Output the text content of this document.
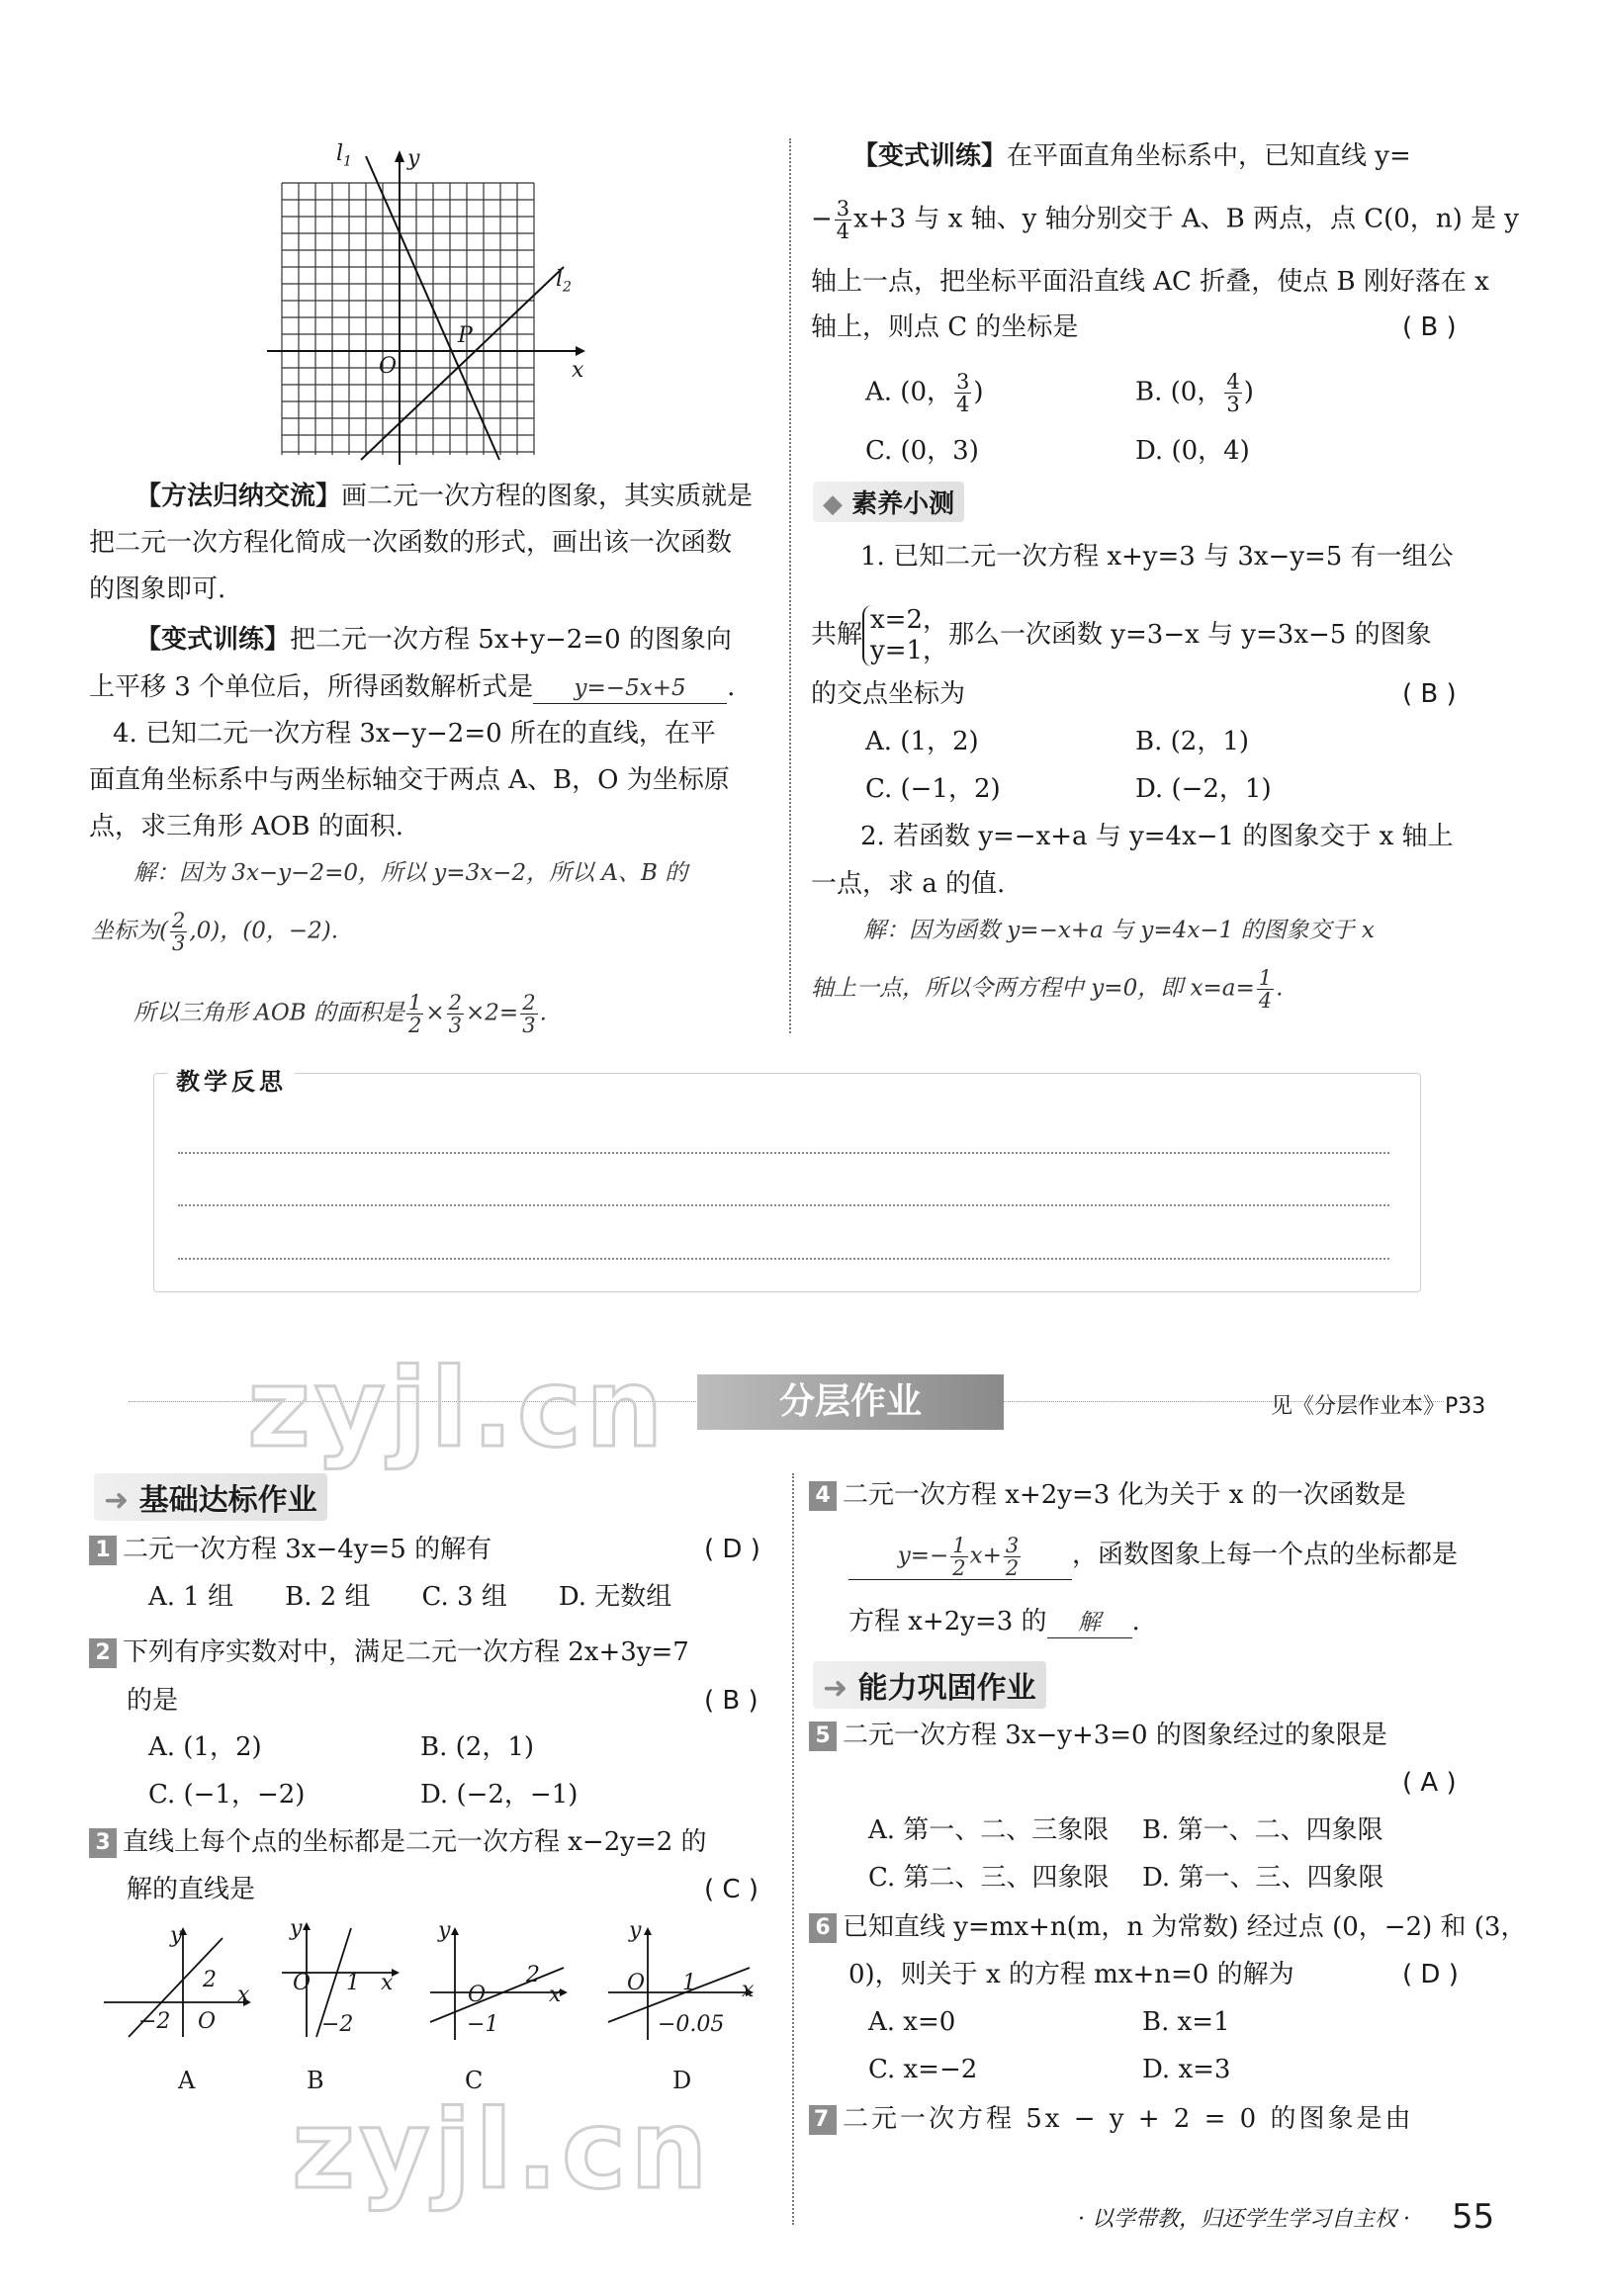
$l_1$	y
$l_2$
P
O	x
【方法归纳交流】画二元一次方程的图象，其实质就是
把二元一次方程化简成一次函数的形式，画出该一次函数
的图象即可.
【变式训练】把二元一次方程 5x+y−2=0 的图象向
上平移 3 个单位后，所得函数解析式是 y=−5x+5 .
4. 已知二元一次方程 3x−y−2=0 所在的直线，在平
面直角坐标系中与两坐标轴交于两点 A、B，O 为坐标原
点，求三角形 AOB 的面积.
解：因为 3x−y−2=0，所以 y=3x−2，所以 A、B 的
坐标为( $\frac{2}{3} ,0$)，(0，−2).
所以三角形 AOB 的面积是 $\frac{1}{2} \times \frac{2}{3} \times 2= \frac{2}{3}$ .
【变式训练】在平面直角坐标系中，已知直线 y=
− $\frac{3}{4} x+3$ 与 x 轴、y 轴分别交于 A、B 两点，点 C(0，n) 是 y
轴上一点，把坐标平面沿直线 AC 折叠，使点 B 刚好落在 x
轴上，则点 C 的坐标是	( B )
A. (0， $\frac{3}{4}$ )	B. (0， $\frac{4}{3}$ )
C. (0，3)	D. (0，4)
◆ 素养小测
1. 已知二元一次方程 x+y=3 与 3x−y=5 有一组公
共解
x=2，
y=1，
那么一次函数 y=3−x 与 y=3x−5 的图象
的交点坐标为	( B )
A. (1，2)	B. (2，1)
C. (−1，2)	D. (−2，1)
2. 若函数 y=−x+a 与 y=4x−1 的图象交于 x 轴上
一点，求 a 的值.
解：因为函数 y=−x+a 与 y=4x−1 的图象交于 x
轴上一点，所以令两方程中 y=0，即 $x=a= \frac{1}{4}$ .
教学反思
分层作业	见《分层作业本》P33
zyjl.cn
zyjl.cn
➜ 基础达标作业
1 二元一次方程 3x−4y=5 的解有	( D )
A. 1 组　　B. 2 组　　C. 3 组　　D. 无数组
2 下列有序实数对中，满足二元一次方程 2x+3y=7
的是	( B )
A. (1，2)	B. (2，1)
C. (−1，−2)	D. (−2，−1)
3 直线上每个点的坐标都是二元一次方程 x−2y=2 的
解的直线是	( C )
y
2
x
−2 O
A
y
O 1 x
−2
B
y
2
O	x
−1
C
y
O 1 x
−0.05
D
4 二元一次方程 x+2y=3 化为关于 x 的一次函数是
$y=- \frac{1}{2} x+ \frac{3}{2}$ ，函数图象上每一个点的坐标都是
方程 x+2y=3 的 解 .
➜ 能力巩固作业
5 二元一次方程 3x−y+3=0 的图象经过的象限是
( A )
A. 第一、二、三象限 B. 第一、二、四象限
C. 第二、三、四象限 D. 第一、三、四象限
6 已知直线 y=mx+n(m，n 为常数) 经过点 (0，−2) 和 (3，
0)，则关于 x 的方程 mx+n=0 的解为	( D )
A. x=0	B. x=1
C. x=−2	D. x=3
7 二元一次方程 5x − y + 2 = 0 的图象是由
· 以学带教，归还学生学习自主权 · 55
